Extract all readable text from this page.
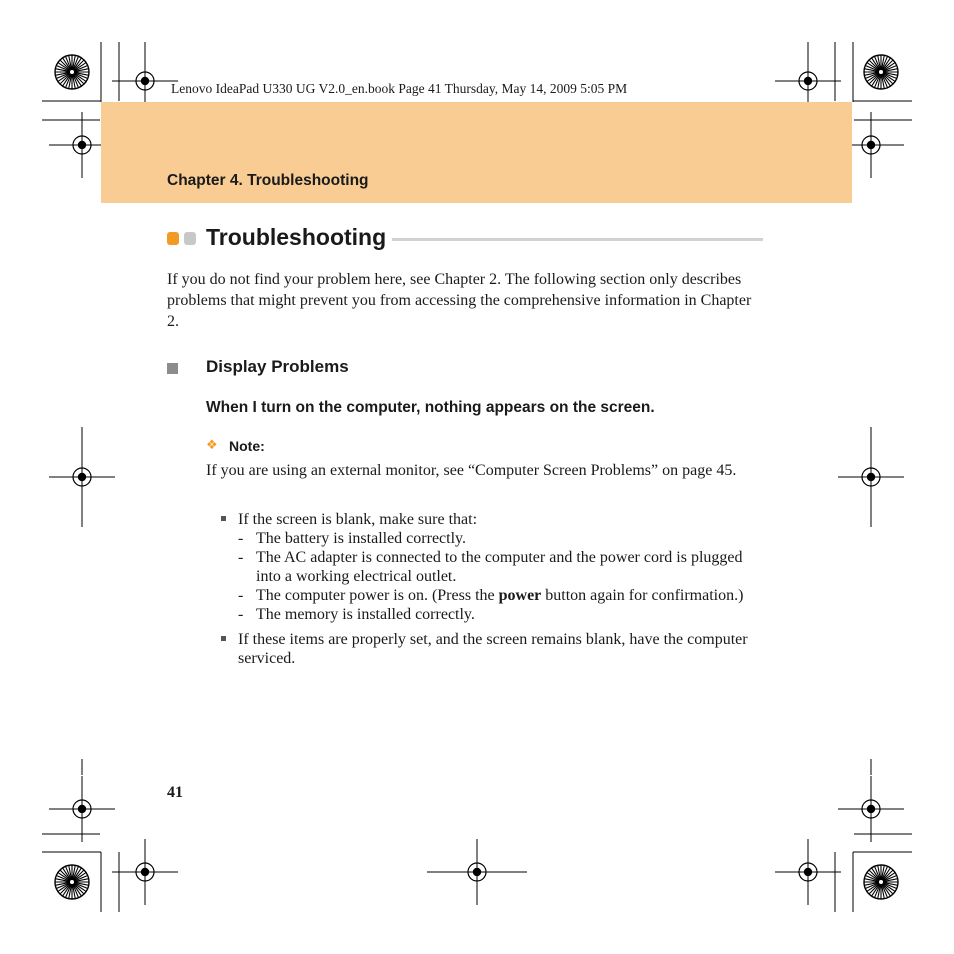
Lenovo IdeaPad U330 UG V2.0_en.book Page 41 Thursday, May 14, 2009 5:05 PM
Chapter 4. Troubleshooting
Troubleshooting
If you do not find your problem here, see Chapter 2. The following section only describes problems that might prevent you from accessing the comprehensive information in Chapter 2.
Display Problems
When I turn on the computer, nothing appears on the screen.
❖ Note:
If you are using an external monitor, see “Computer Screen Problems” on page 45.
If the screen is blank, make sure that:
- The battery is installed correctly.
- The AC adapter is connected to the computer and the power cord is plugged into a working electrical outlet.
- The computer power is on. (Press the power button again for confirmation.)
- The memory is installed correctly.
If these items are properly set, and the screen remains blank, have the computer serviced.
41
